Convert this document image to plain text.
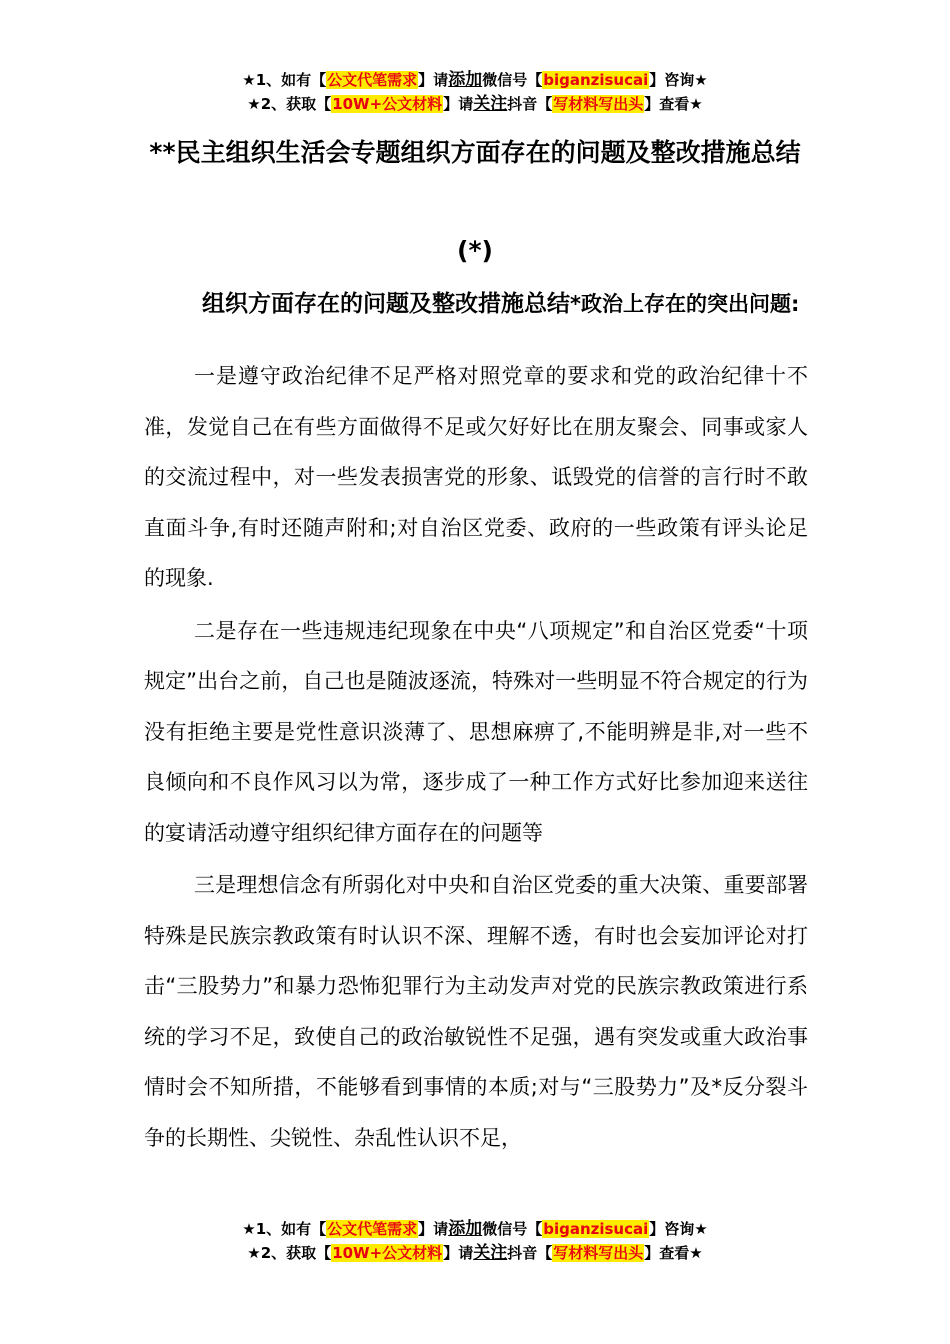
★1、如有【公文代笔需求】请添加微信号【biganzisucai】咨询★
★2、获取【10W+公文材料】请关注抖音【写材料写出头】查看★
**民主组织生活会专题组织方面存在的问题及整改措施总结
(*)

组织方面存在的问题及整改措施总结*政治上存在的突出问题:

一是遵守政治纪律不足严格对照党章的要求和党的政治纪律十不准，发觉自己在有些方面做得不足或欠好好比在朋友聚会、同事或家人的交流过程中，对一些发表损害党的形象、诋毁党的信誉的言行时不敢直面斗争,有时还随声附和;对自治区党委、政府的一些政策有评头论足的现象.

二是存在一些违规违纪现象在中央“八项规定”和自治区党委“十项规定”出台之前，自己也是随波逐流，特殊对一些明显不符合规定的行为没有拒绝主要是党性意识淡薄了、思想麻痹了,不能明辨是非,对一些不良倾向和不良作风习以为常，逐步成了一种工作方式好比参加迎来送往的宴请活动遵守组织纪律方面存在的问题等

三是理想信念有所弱化对中央和自治区党委的重大决策、重要部署特殊是民族宗教政策有时认识不深、理解不透，有时也会妄加评论对打击“三股势力”和暴力恐怖犯罪行为主动发声对党的民族宗教政策进行系统的学习不足，致使自己的政治敏锐性不足强，遇有突发或重大政治事情时会不知所措，不能够看到事情的本质;对与“三股势力”及*反分裂斗争的长期性、尖锐性、杂乱性认识不足，

★1、如有【公文代笔需求】请添加微信号【biganzisucai】咨询★
★2、获取【10W+公文材料】请关注抖音【写材料写出头】查看★
